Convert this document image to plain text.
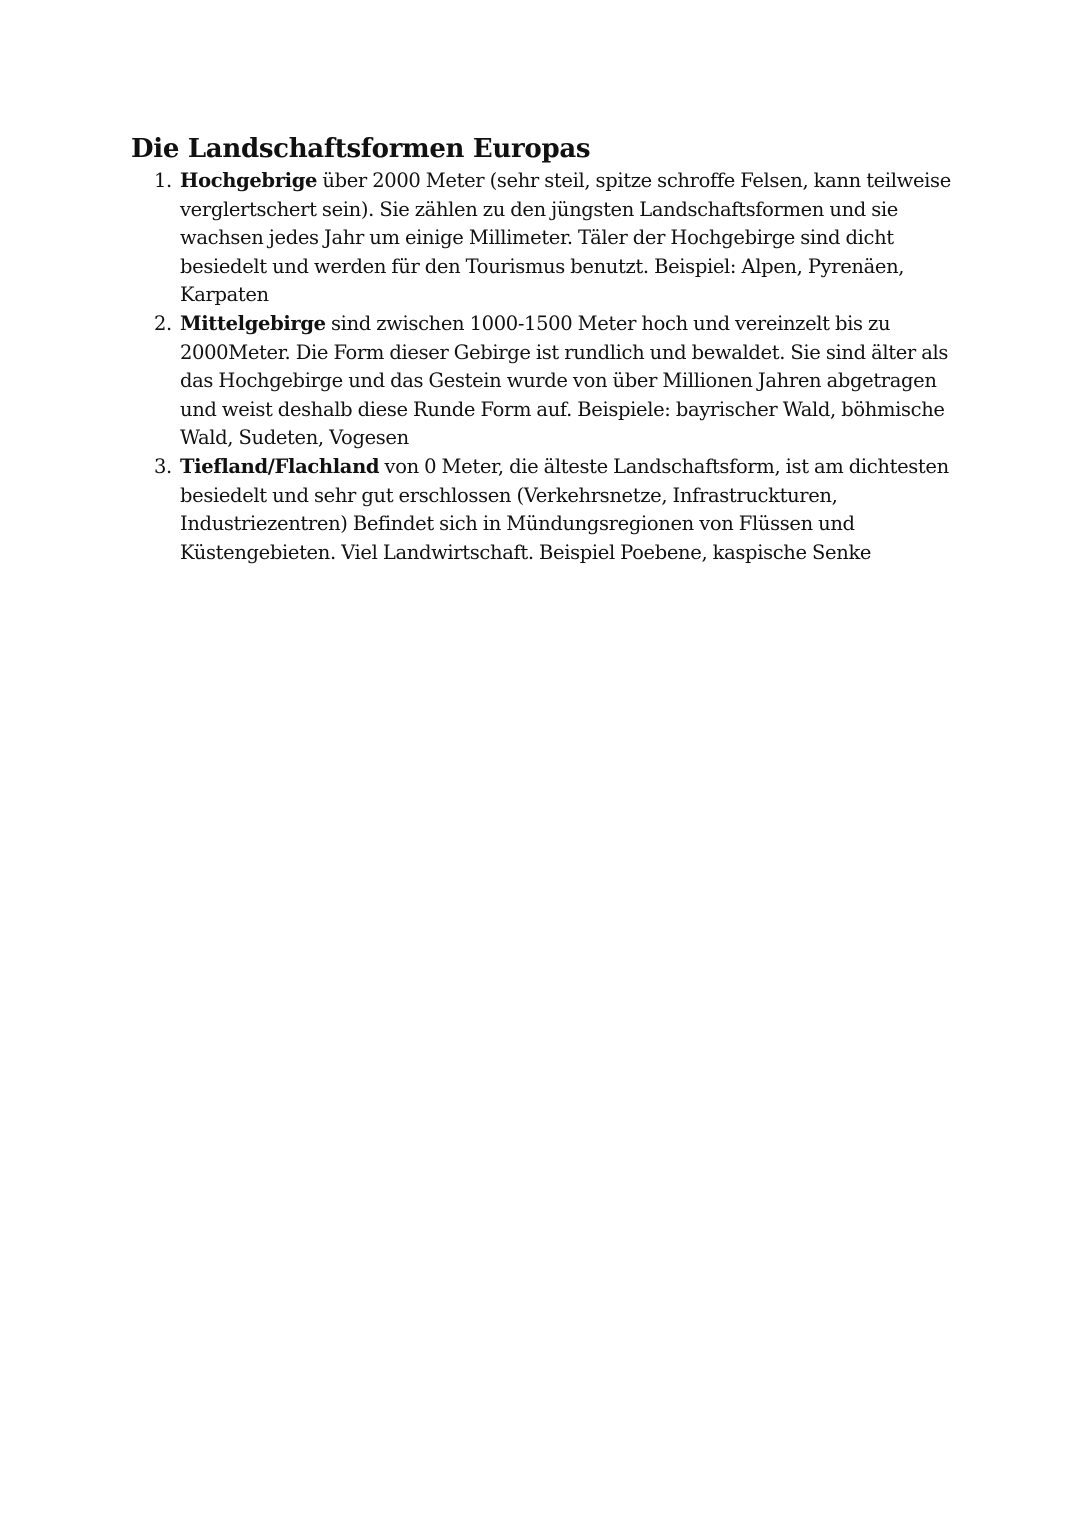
Die Landschaftsformen Europas
1. Hochgebrige über 2000 Meter (sehr steil, spitze schroffe Felsen, kann teilweise verglertschert sein). Sie zählen zu den jüngsten Landschaftsformen und sie wachsen jedes Jahr um einige Millimeter. Täler der Hochgebirge sind dicht besiedelt und werden für den Tourismus benutzt. Beispiel: Alpen, Pyrenäen, Karpaten
2. Mittelgebirge sind zwischen 1000-1500 Meter hoch und vereinzelt bis zu 2000Meter. Die Form dieser Gebirge ist rundlich und bewaldet. Sie sind älter als das Hochgebirge und das Gestein wurde von über Millionen Jahren abgetragen und weist deshalb diese Runde Form auf. Beispiele: bayrischer Wald, böhmische Wald, Sudeten, Vogesen
3. Tiefland/Flachland von 0 Meter, die älteste Landschaftsform, ist am dichtesten besiedelt und sehr gut erschlossen (Verkehrsnetze, Infrastruckturen, Industriezentren) Befindet sich in Mündungsregionen von Flüssen und Küstengebieten. Viel Landwirtschaft. Beispiel Poebene, kaspische Senke
